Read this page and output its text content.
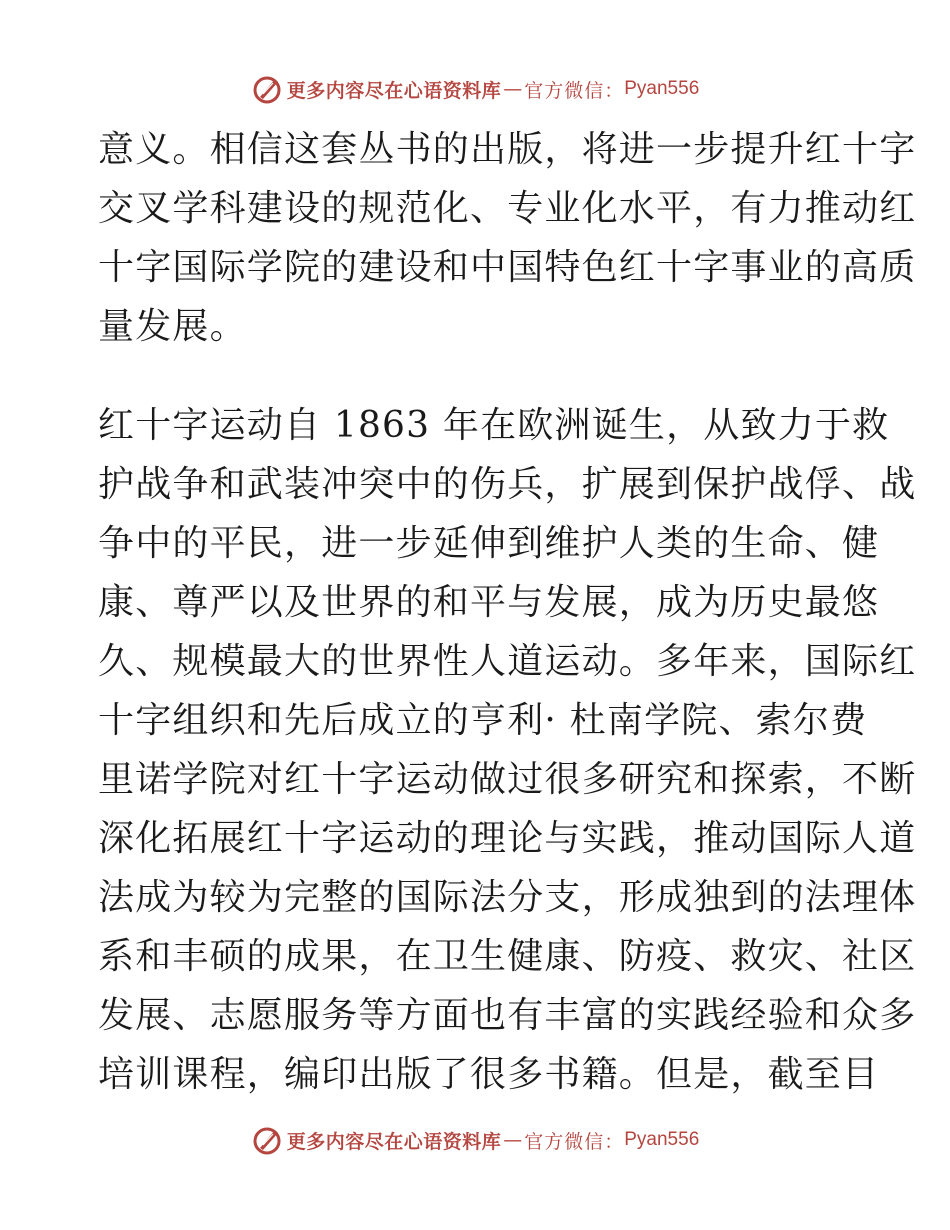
更多内容尽在心语资料库 — 官方微信： Pyan556
意义。相信这套丛书的出版，将进一步提升红十字
交叉学科建设的规范化、专业化水平，有力推动红
十字国际学院的建设和中国特色红十字事业的高质
量发展。
红十字运动自 1863 年在欧洲诞生，从致力于救
护战争和武装冲突中的伤兵，扩展到保护战俘、战
争中的平民，进一步延伸到维护人类的生命、健
康、尊严以及世界的和平与发展，成为历史最悠
久、规模最大的世界性人道运动。多年来，国际红
十字组织和先后成立的亨利· 杜南学院、索尔费
里诺学院对红十字运动做过很多研究和探索，不断
深化拓展红十字运动的理论与实践，推动国际人道
法成为较为完整的国际法分支，形成独到的法理体
系和丰硕的成果，在卫生健康、防疫、救灾、社区
发展、志愿服务等方面也有丰富的实践经验和众多
培训课程，编印出版了很多书籍。但是，截至目
更多内容尽在心语资料库 — 官方微信： Pyan556
